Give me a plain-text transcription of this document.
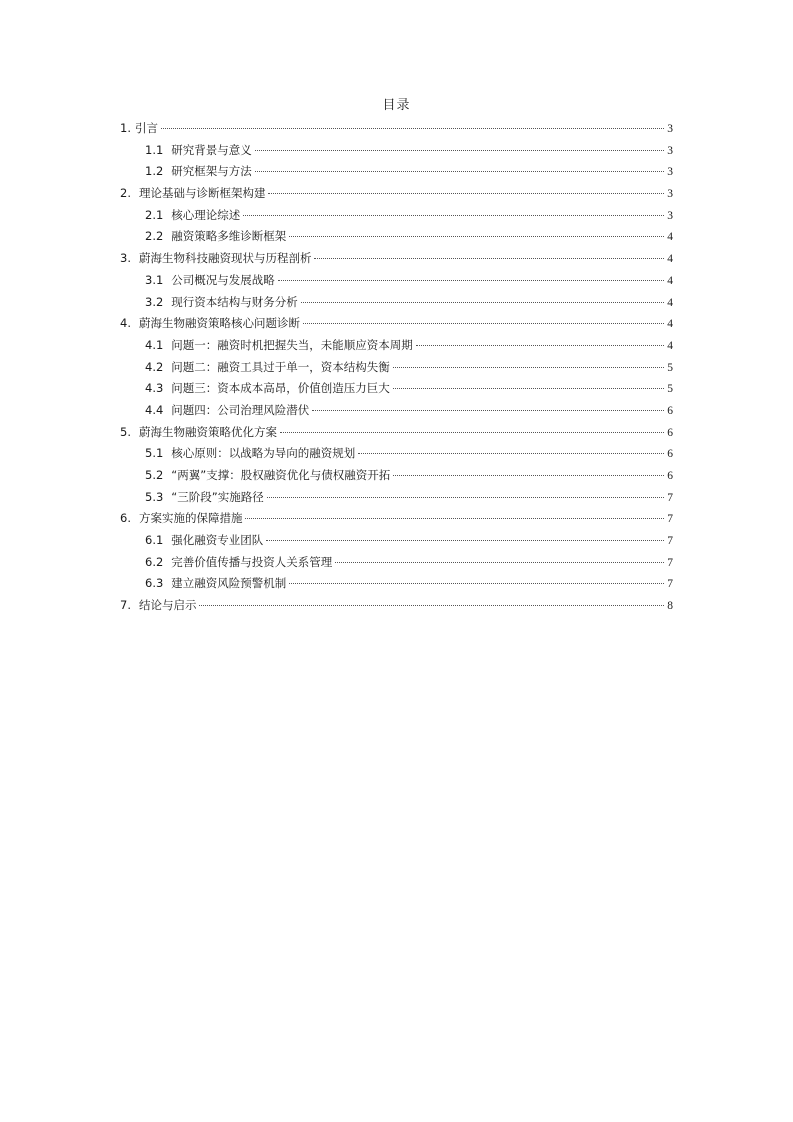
目录
1. 引言	3
1.1 研究背景与意义	3
1.2 研究框架与方法	3
2. 理论基础与诊断框架构建	3
2.1 核心理论综述	3
2.2 融资策略多维诊断框架	4
3. 蔚海生物科技融资现状与历程剖析	4
3.1 公司概况与发展战略	4
3.2 现行资本结构与财务分析	4
4. 蔚海生物融资策略核心问题诊断	4
4.1 问题一：融资时机把握失当，未能顺应资本周期	4
4.2 问题二：融资工具过于单一，资本结构失衡	5
4.3 问题三：资本成本高昂，价值创造压力巨大	5
4.4 问题四：公司治理风险潜伏	6
5. 蔚海生物融资策略优化方案	6
5.1 核心原则：以战略为导向的融资规划	6
5.2 “两翼”支撑：股权融资优化与债权融资开拓	6
5.3 “三阶段”实施路径	7
6. 方案实施的保障措施	7
6.1 强化融资专业团队	7
6.2 完善价值传播与投资人关系管理	7
6.3 建立融资风险预警机制	7
7. 结论与启示	8
